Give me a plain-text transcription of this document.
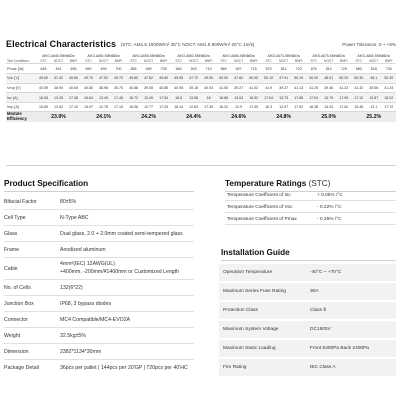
Electrical Characteristics |STC: AM1.5 1000W/m² 25°C NOCT: AM1.5 800W/m² 20°C 1m/s|	Power Tolerance: 0 ~ +5%
	AIKO-A645-SMN66Dw			AIKO-A650-SMN66Dw			AIKO-A655-SMN66Dw			AIKO-A660-SMN66Dw			AIKO-A665-SMN66Dw			AIKO-A670-SMN66Dw			AIKO-A675-SMN66Dw			AIKO-A680-SMN66Dw		
Test Conditions	STC	NOCT	BNPI	STC	NOCT	BNPI	STC	NOCT	BNPI	STC	NOCT	BNPI	STC	NOCT	BNPI	STC	NOCT	BNPI	STC	NOCT	BNPI	STC	NOCT	BNPI
Pmax [W]	645	491	695	650	499	700	655	499	705	660	503	710	665	507	715	670	511	720	675	514	725	680	518	730
Voc [V]	49.60	47.42	49.60	49.70	47.52	49.70	49.80	47.62	49.80	49.95	47.72	49.90	50.00	47.82	50.00	50.10	47.91	50.10	50.20	48.01	50.20	50.30	48.1	50.30
Vmp [V]	40.59	38.90	40.65	40.60	38.98	40.75	40.88	39.08	40.85	40.95	39.18	40.93	41.05	39.27	41.02	41.9	39.37	41.13	41.25	39.46	41.23	41.32	39.56	41.34
Isc [A]	16.55	13.35	17.38	16.64	13.40	17.46	16.72	13.49	17.54	16.8	13.56	18	16.88	13.63	18.32	17.04	13.73	17.88	17.04	13.79	17.95	17.12	13.87	18.22
Imp [A]	15.89	12.62	17.10	15.97	12.78	17.15	16.06	12.77	17.25	16.14	12.83	17.35	16.22	12.9	17.45	16.3	12.97	17.52	16.38	13.03	17.62	16.46	13.1	17.72
Module Efficiency	23.9%			24.1%			24.2%			24.4%			24.6%			24.8%			25.0%			25.2%		
Product Specification
Bifacial Factor	80±5%
Cell Type	N-Type ABC
Glass	Dual glass, 2.0 + 2.0mm coated semi-tempered glass
Frame	Anodized aluminum
Cable
4mm²(IEC) 12AWG(UL)
+400mm, -200mm/¥1400mm or Customized Length
No. of Cells	132(6*22)
Junction Box	IP68, 3 bypass diodes
Connector	MC4 Compatible/MC4-EVO2A
Weight	32.5kg±5%
Dimension	2382*1134*30mm
Package Detail	36pcs per pallet | 144pcs per 20'GP | 720pcs per 40'HC
Temperature Ratings (STC)
Temperature Coefficient of Isc	+ 0.05% /°C
Temperature Coefficient of Voc	- 0.22% /°C
Temperature Coefficient of Pmax	- 0.26% /°C
Installation Guide
Operation Temperature	-40°C ~ +70°C
Maximum Series Fuse Rating	30A
Protection Class	Class Ⅱ
Maximum System Voltage	DC1500V
Maximum Static Loading	Front 5400Pa Back 2400Pa
Fire Rating	IEC Class A
